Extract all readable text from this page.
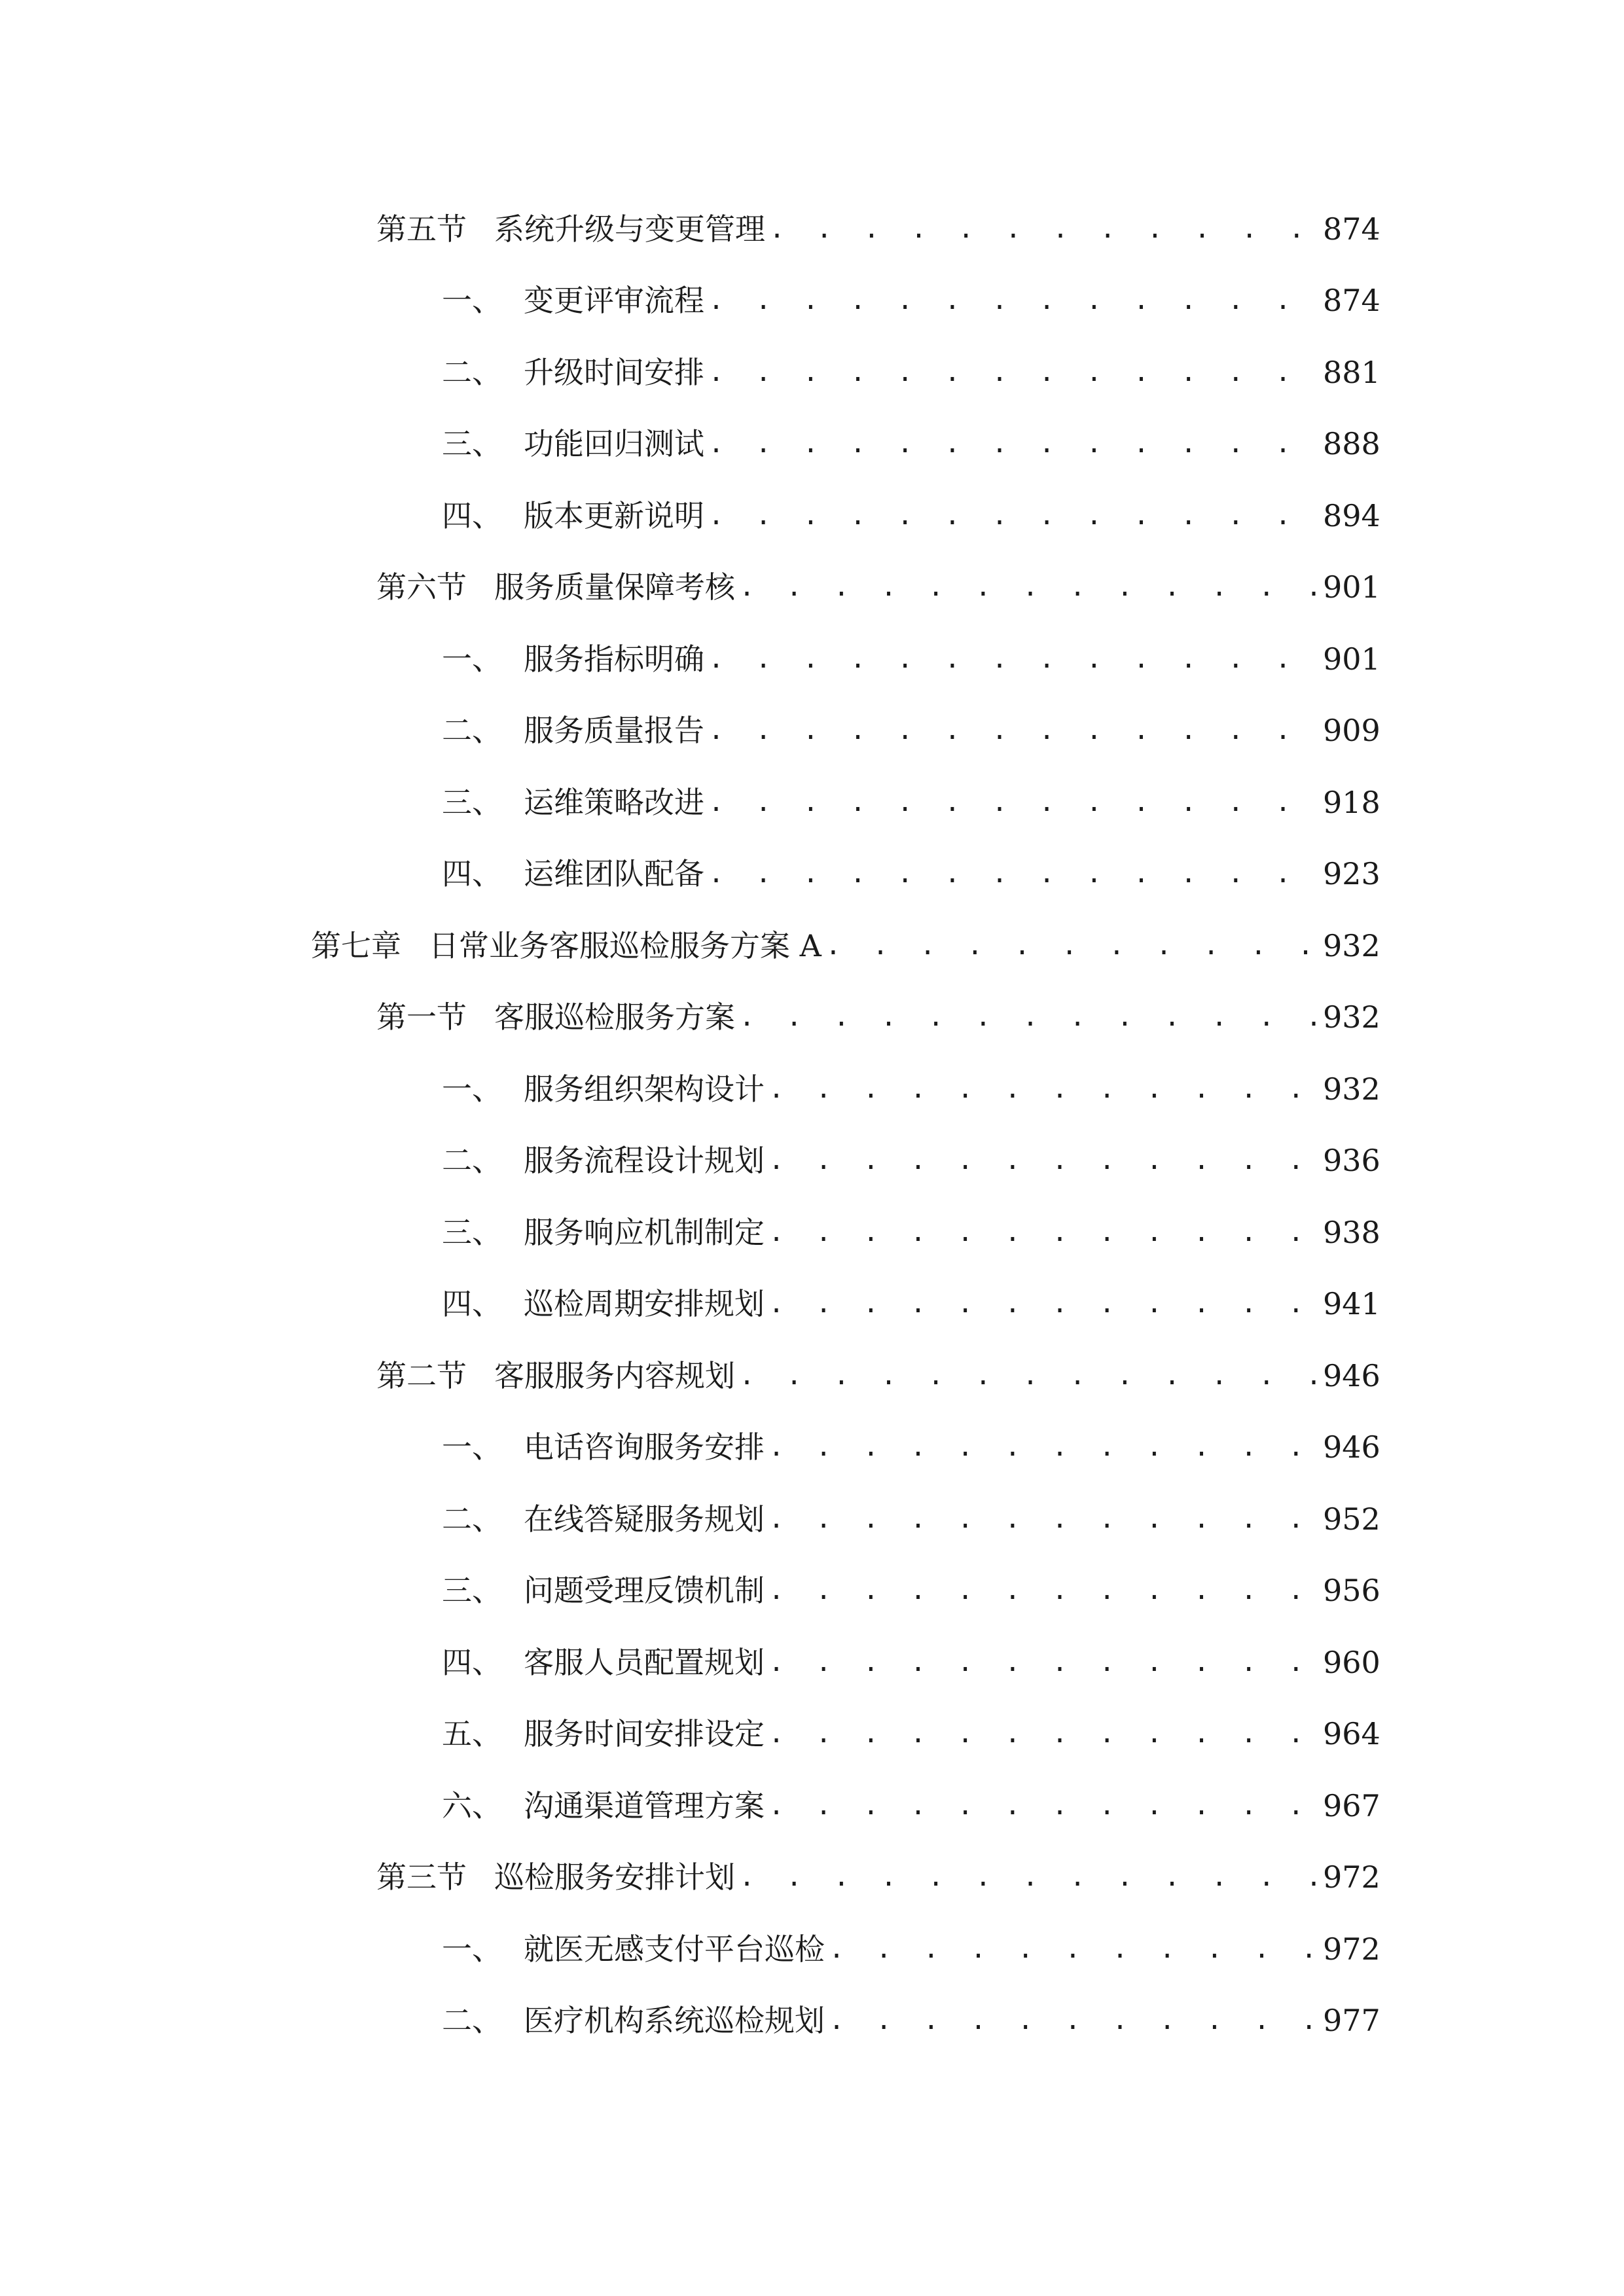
第五节 系统升级与变更管理 . . .	874
一、 变更评审流程 . . .	874
二、 升级时间安排 . . .	881
三、 功能回归测试 . . .	888
四、 版本更新说明 . . .	894
第六节 服务质量保障考核 . . .	901
一、 服务指标明确 . . .	901
二、 服务质量报告 . . .	909
三、 运维策略改进 . . .	918
四、 运维团队配备 . . .	923
第七章 日常业务客服巡检服务方案 A . . .	932
第一节 客服巡检服务方案 . . .	932
一、 服务组织架构设计 . . .	932
二、 服务流程设计规划 . . .	936
三、 服务响应机制制定 . . .	938
四、 巡检周期安排规划 . . .	941
第二节 客服服务内容规划 . . .	946
一、 电话咨询服务安排 . . .	946
二、 在线答疑服务规划 . . .	952
三、 问题受理反馈机制 . . .	956
四、 客服人员配置规划 . . .	960
五、 服务时间安排设定 . . .	964
六、 沟通渠道管理方案 . . .	967
第三节 巡检服务安排计划 . . .	972
一、 就医无感支付平台巡检 . . .	972
二、 医疗机构系统巡检规划 . . .	977
